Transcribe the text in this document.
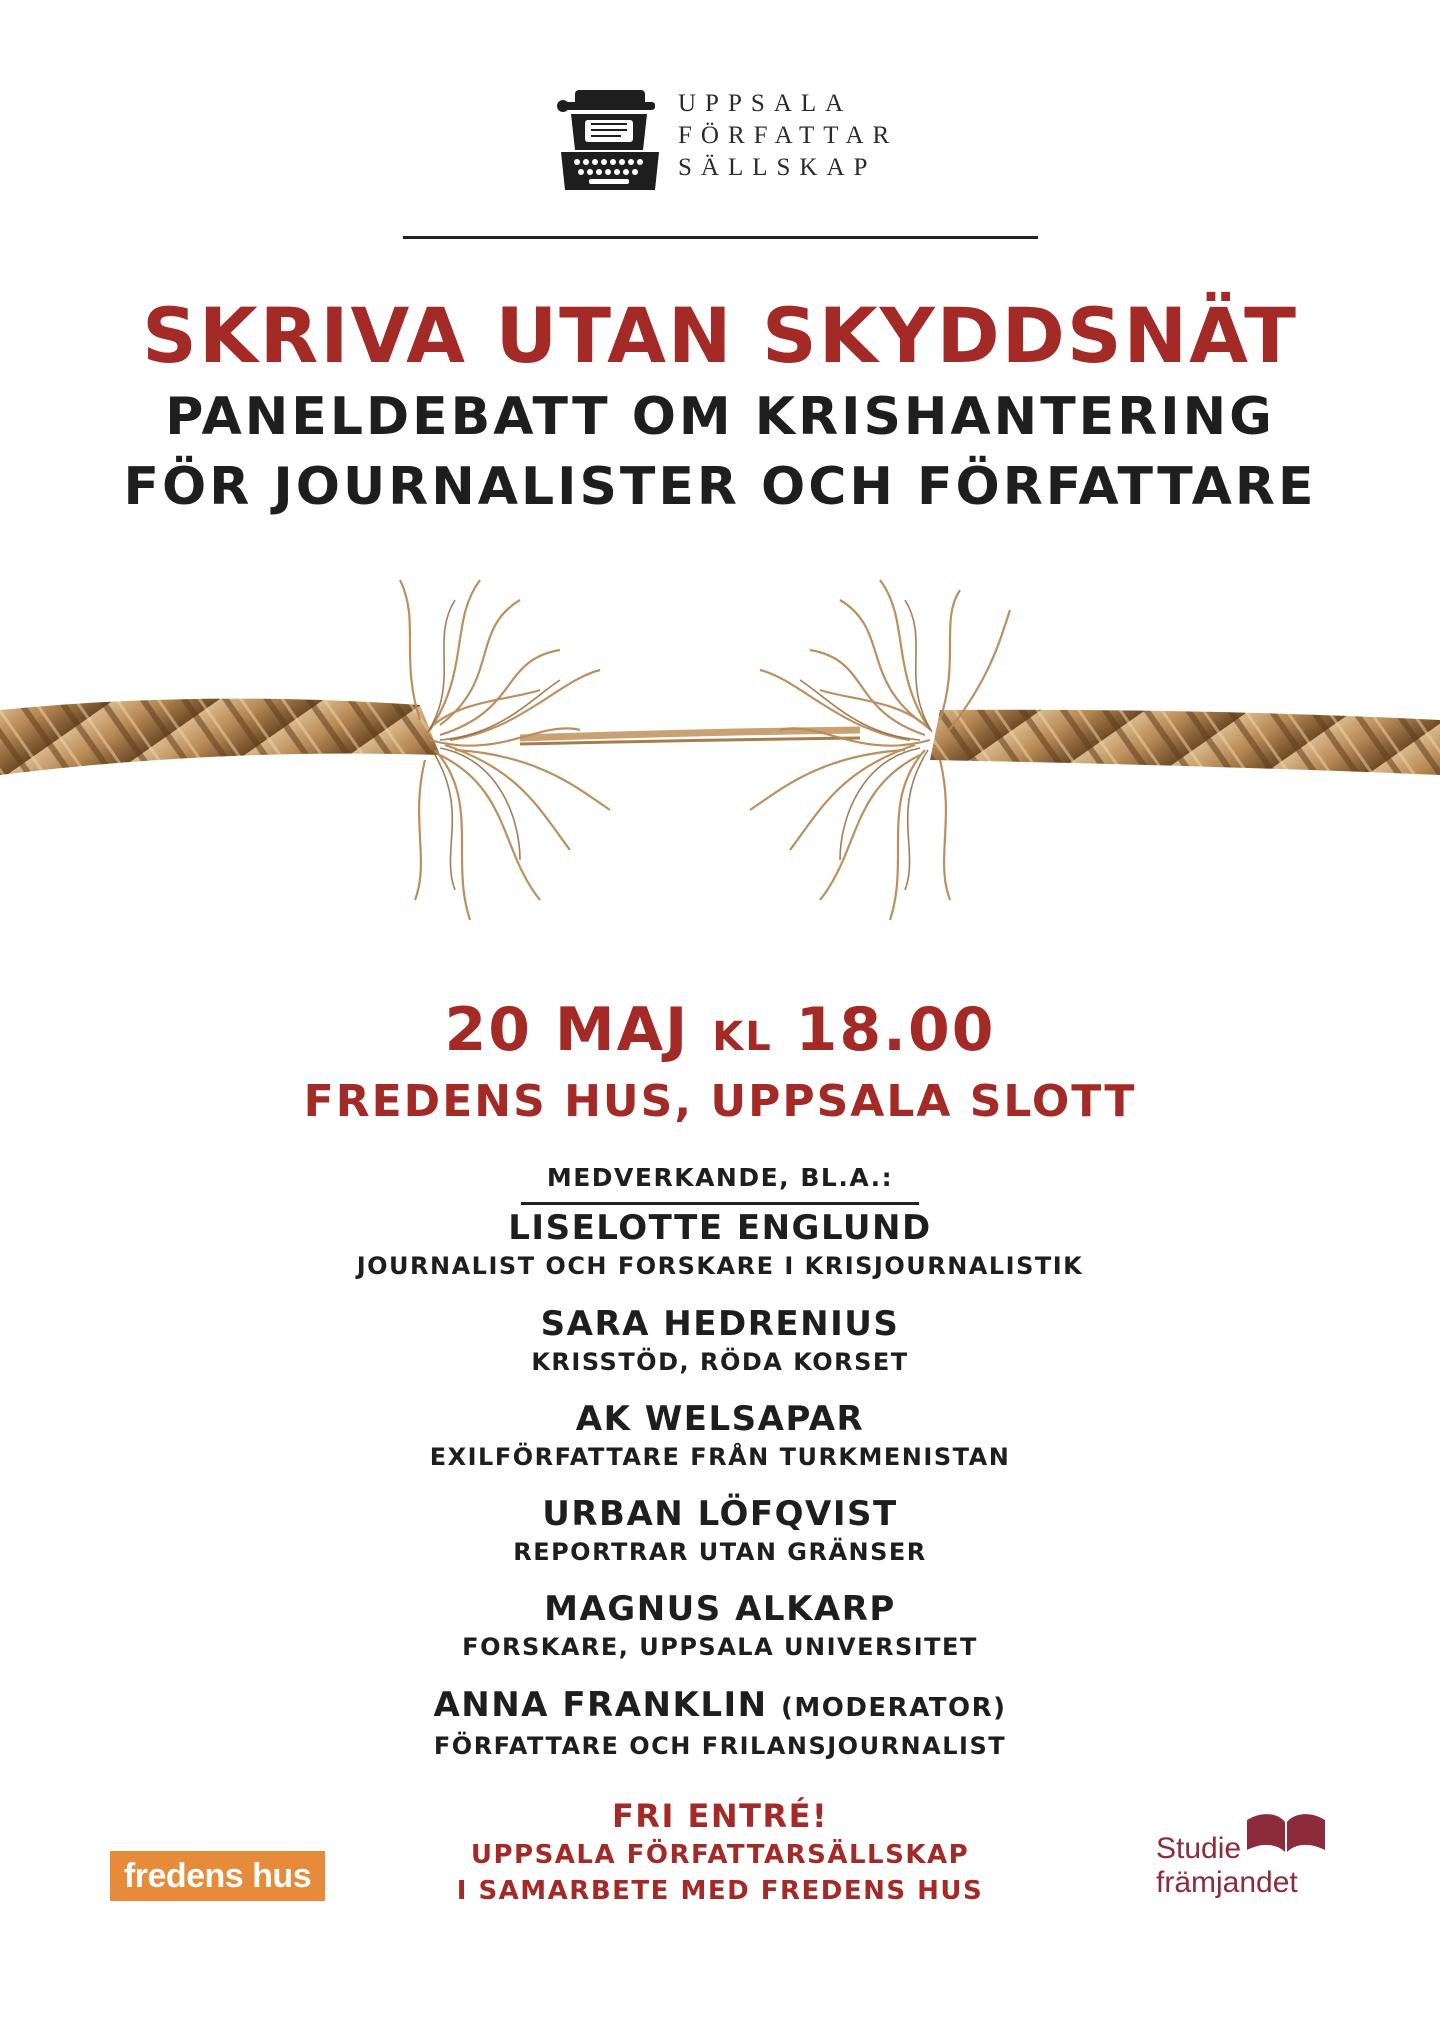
UPPSALA
FÖRFATTAR
SÄLLSKAP
SKRIVA UTAN SKYDDSNÄT
PANELDEBATT OM KRISHANTERING
FÖR JOURNALISTER OCH FÖRFATTARE
20 MAJ KL 18.00
FREDENS HUS, UPPSALA SLOTT
MEDVERKANDE, BL.A.:
LISELOTTE ENGLUND
JOURNALIST OCH FORSKARE I KRISJOURNALISTIK
SARA HEDRENIUS
KRISSTÖD, RÖDA KORSET
AK WELSAPAR
EXILFÖRFATTARE FRÅN TURKMENISTAN
URBAN LÖFQVIST
REPORTRAR UTAN GRÄNSER
MAGNUS ALKARP
FORSKARE, UPPSALA UNIVERSITET
ANNA FRANKLIN (MODERATOR)
FÖRFATTARE OCH FRILANSJOURNALIST
FRI ENTRÉ!
UPPSALA FÖRFATTARSÄLLSKAP
I SAMARBETE MED FREDENS HUS
fredens hus
Studie
främjandet
